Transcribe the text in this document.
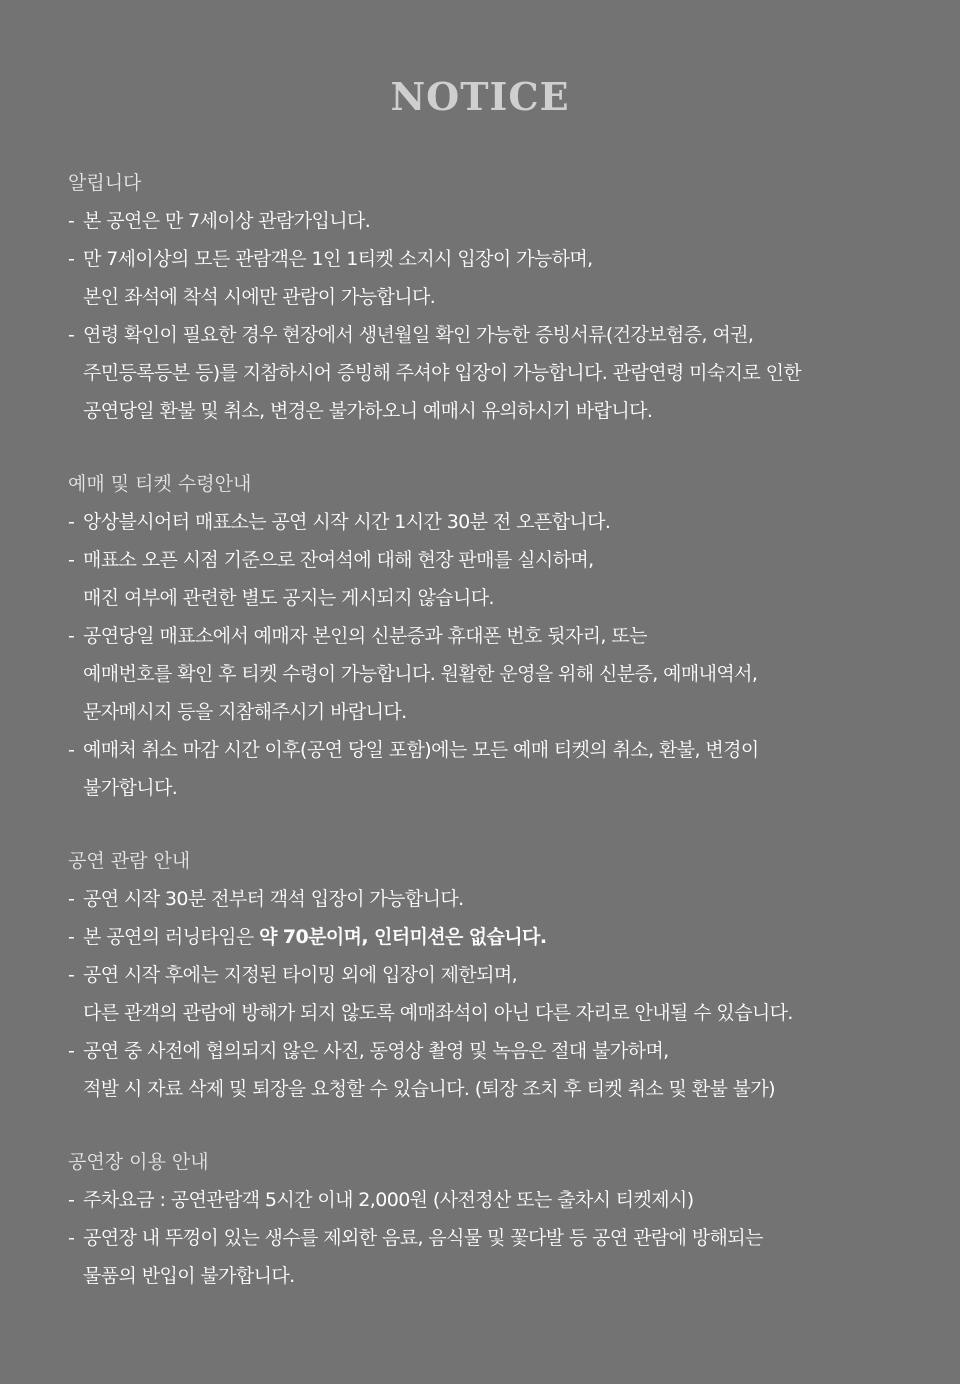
NOTICE
알립니다
- 본 공연은 만 7세이상 관람가입니다.
- 만 7세이상의 모든 관람객은 1인 1티켓 소지시 입장이 가능하며,
본인 좌석에 착석 시에만 관람이 가능합니다.
- 연령 확인이 필요한 경우 현장에서 생년월일 확인 가능한 증빙서류(건강보험증, 여권,
주민등록등본 등)를 지참하시어 증빙해 주셔야 입장이 가능합니다. 관람연령 미숙지로 인한
공연당일 환불 및 취소, 변경은 불가하오니 예매시 유의하시기 바랍니다.
예매 및 티켓 수령안내
- 앙상블시어터 매표소는 공연 시작 시간 1시간 30분 전 오픈합니다.
- 매표소 오픈 시점 기준으로 잔여석에 대해 현장 판매를 실시하며,
매진 여부에 관련한 별도 공지는 게시되지 않습니다.
- 공연당일 매표소에서 예매자 본인의 신분증과 휴대폰 번호 뒷자리, 또는
예매번호를 확인 후 티켓 수령이 가능합니다. 원활한 운영을 위해 신분증, 예매내역서,
문자메시지 등을 지참해주시기 바랍니다.
- 예매처 취소 마감 시간 이후(공연 당일 포함)에는 모든 예매 티켓의 취소, 환불, 변경이
불가합니다.
공연 관람 안내
- 공연 시작 30분 전부터 객석 입장이 가능합니다.
- 본 공연의 러닝타임은 약 70분이며, 인터미션은 없습니다.
- 공연 시작 후에는 지정된 타이밍 외에 입장이 제한되며,
다른 관객의 관람에 방해가 되지 않도록 예매좌석이 아닌 다른 자리로 안내될 수 있습니다.
- 공연 중 사전에 협의되지 않은 사진, 동영상 촬영 및 녹음은 절대 불가하며,
적발 시 자료 삭제 및 퇴장을 요청할 수 있습니다. (퇴장 조치 후 티켓 취소 및 환불 불가)
공연장 이용 안내
- 주차요금 : 공연관람객 5시간 이내 2,000원 (사전정산 또는 출차시 티켓제시)
- 공연장 내 뚜껑이 있는 생수를 제외한 음료, 음식물 및 꽃다발 등 공연 관람에 방해되는
물품의 반입이 불가합니다.
